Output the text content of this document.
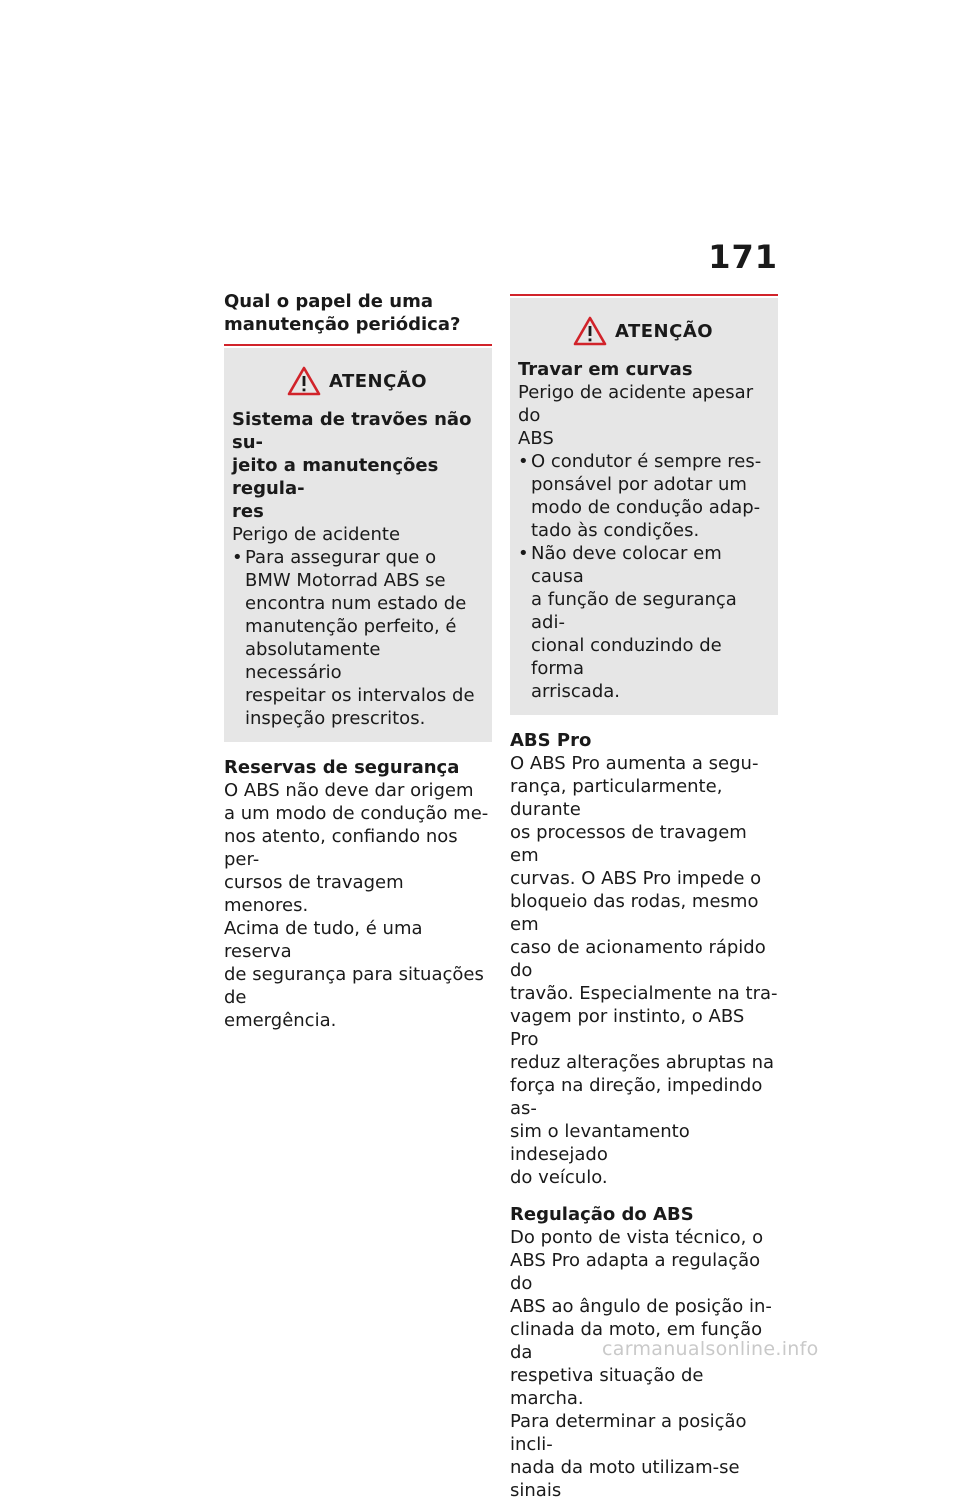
171

Qual o papel de uma
manutenção periódica?

ATENÇÃO

Sistema de travões não su-
jeito a manutenções regula-
res

Perigo de acidente

• Para assegurar que o
BMW Motorrad ABS se
encontra num estado de
manutenção perfeito, é
absolutamente necessário
respeitar os intervalos de
inspeção prescritos.

Reservas de segurança

O ABS não deve dar origem
a um modo de condução me-
nos atento, confiando nos per-
cursos de travagem menores.
Acima de tudo, é uma reserva
de segurança para situações de
emergência.

ATENÇÃO

Travar em curvas

Perigo de acidente apesar do
ABS

• O condutor é sempre res-
ponsável por adotar um
modo de condução adap-
tado às condições.
• Não deve colocar em causa
a função de segurança adi-
cional conduzindo de forma
arriscada.

ABS Pro

O ABS Pro aumenta a segu-
rança, particularmente, durante
os processos de travagem em
curvas. O ABS Pro impede o
bloqueio das rodas, mesmo em
caso de acionamento rápido do
travão. Especialmente na tra-
vagem por instinto, o ABS Pro
reduz alterações abruptas na
força na direção, impedindo as-
sim o levantamento indesejado
do veículo.

Regulação do ABS

Do ponto de vista técnico, o
ABS Pro adapta a regulação do
ABS ao ângulo de posição in-
clinada da moto, em função da
respetiva situação de marcha.
Para determinar a posição incli-
nada da moto utilizam-se sinais

carmanualsonline.info
